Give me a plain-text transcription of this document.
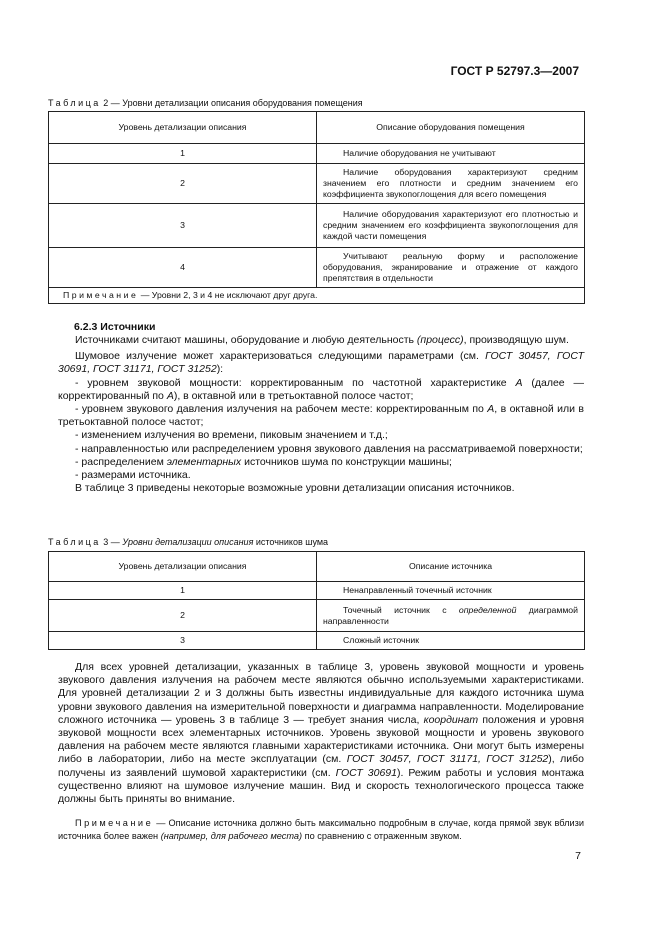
ГОСТ Р 52797.3—2007
Таблица 2 — Уровни детализации описания оборудования помещения
Уровень детализации описания	Описание оборудования помещения
1	Наличие оборудования не учитывают

2	Наличие оборудования характеризуют средним значением его плотности и средним значением его коэффициента звукопоглощения для всего помещения

3	Наличие оборудования характеризуют его плотностью и средним значением его коэффициента звукопоглощения для каждой части помещения

4	Учитывают реальную форму и расположение оборудования, экранирование и отражение от каждого препятствия в отдельности

Примечание — Уровни 2, 3 и 4 не исключают друг друга.	
6.2.3 Источники

Источниками считают машины, оборудование и любую деятельность (процесс), производящую шум.

Шумовое излучение может характеризоваться следующими параметрами (см. ГОСТ 30457, ГОСТ 30691, ГОСТ 31171, ГОСТ 31252):

- уровнем звуковой мощности: корректированным по частотной характеристике А (далее — корректированный по А), в октавной или в третьоктавной полосе частот;

- уровнем звукового давления излучения на рабочем месте: корректированным по А, в октавной или в третьоктавной полосе частот;

- изменением излучения во времени, пиковым значением и т.д.;

- направленностью или распределением уровня звукового давления на рассматриваемой поверхности;

- распределением элементарных источников шума по конструкции машины;

- размерами источника.

В таблице 3 приведены некоторые возможные уровни детализации описания источников.

Таблица 3 — Уровни детализации описания источников шума
Уровень детализации описания	Описание источника
1	Ненаправленный точечный источник

2	Точечный источник с определенной диаграммой направленности

3	Сложный источник

Для всех уровней детализации, указанных в таблице 3, уровень звуковой мощности и уровень звукового давления излучения на рабочем месте являются обычно используемыми характеристиками. Для уровней детализации 2 и 3 должны быть известны индивидуальные для каждого источника шума уровни звукового давления на измерительной поверхности и диаграмма направленности. Моделирование сложного источника — уровень 3 в таблице 3 — требует знания числа, координат положения и уровня звуковой мощности всех элементарных источников. Уровень звуковой мощности и уровень звукового давления на рабочем месте являются главными характеристиками источника. Они могут быть измерены либо в лаборатории, либо на месте эксплуатации (см. ГОСТ 30457, ГОСТ 31171, ГОСТ 31252), либо получены из заявлений шумовой характеристики (см. ГОСТ 30691). Режим работы и условия монтажа существенно влияют на шумовое излучение машин. Вид и скорость технологического процесса также должны быть приняты во внимание.

Примечание — Описание источника должно быть максимально подробным в случае, когда прямой звук вблизи источника более важен (например, для рабочего места) по сравнению с отраженным звуком.

7
